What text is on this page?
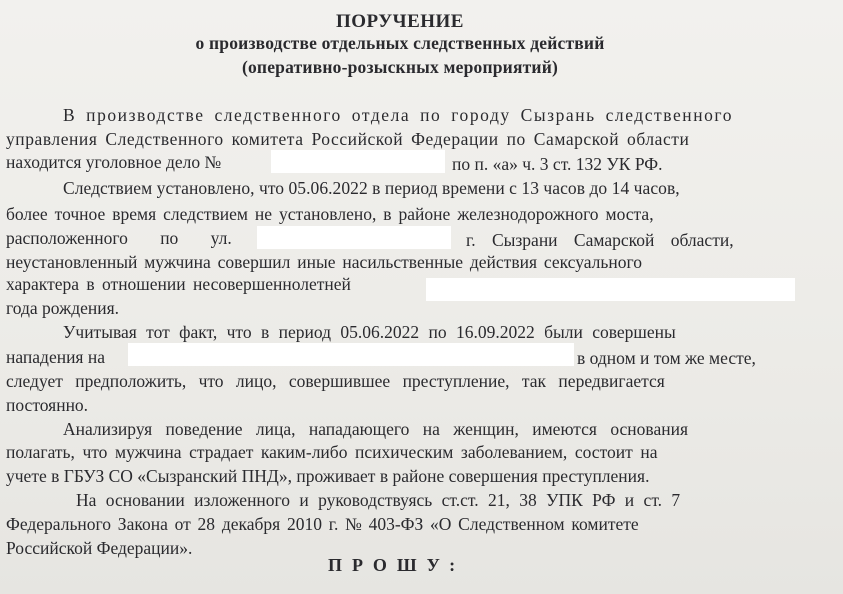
ПОРУЧЕНИЕ
о производстве отдельных следственных действий
(оперативно-розыскных мероприятий)
В производстве следственного отдела по городу Сызрань следственного
управления Следственного комитета Российской Федерации по Самарской области
находится уголовное дело №	по п. «а» ч. 3 ст. 132 УК РФ.
Следствием установлено, что 05.06.2022 в период времени с 13 часов до 14 часов,
более точное время следствием не установлено, в районе железнодорожного моста,
расположенного по ул.	г. Сызрани Самарской области,
неустановленный мужчина совершил иные насильственные действия сексуального
характера в отношении несовершеннолетней
года рождения.
Учитывая тот факт, что в период 05.06.2022 по 16.09.2022 были совершены
нападения на	в одном и том же месте,
следует предположить, что лицо, совершившее преступление, так передвигается
постоянно.
Анализируя поведение лица, нападающего на женщин, имеются основания
полагать, что мужчина страдает каким-либо психическим заболеванием, состоит на
учете в ГБУЗ СО «Сызранский ПНД», проживает в районе совершения преступления.
На основании изложенного и руководствуясь ст.ст. 21, 38 УПК РФ и ст. 7
Федерального Закона от 28 декабря 2010 г. № 403-ФЗ «О Следственном комитете
Российской Федерации».
ПРОШУ:
